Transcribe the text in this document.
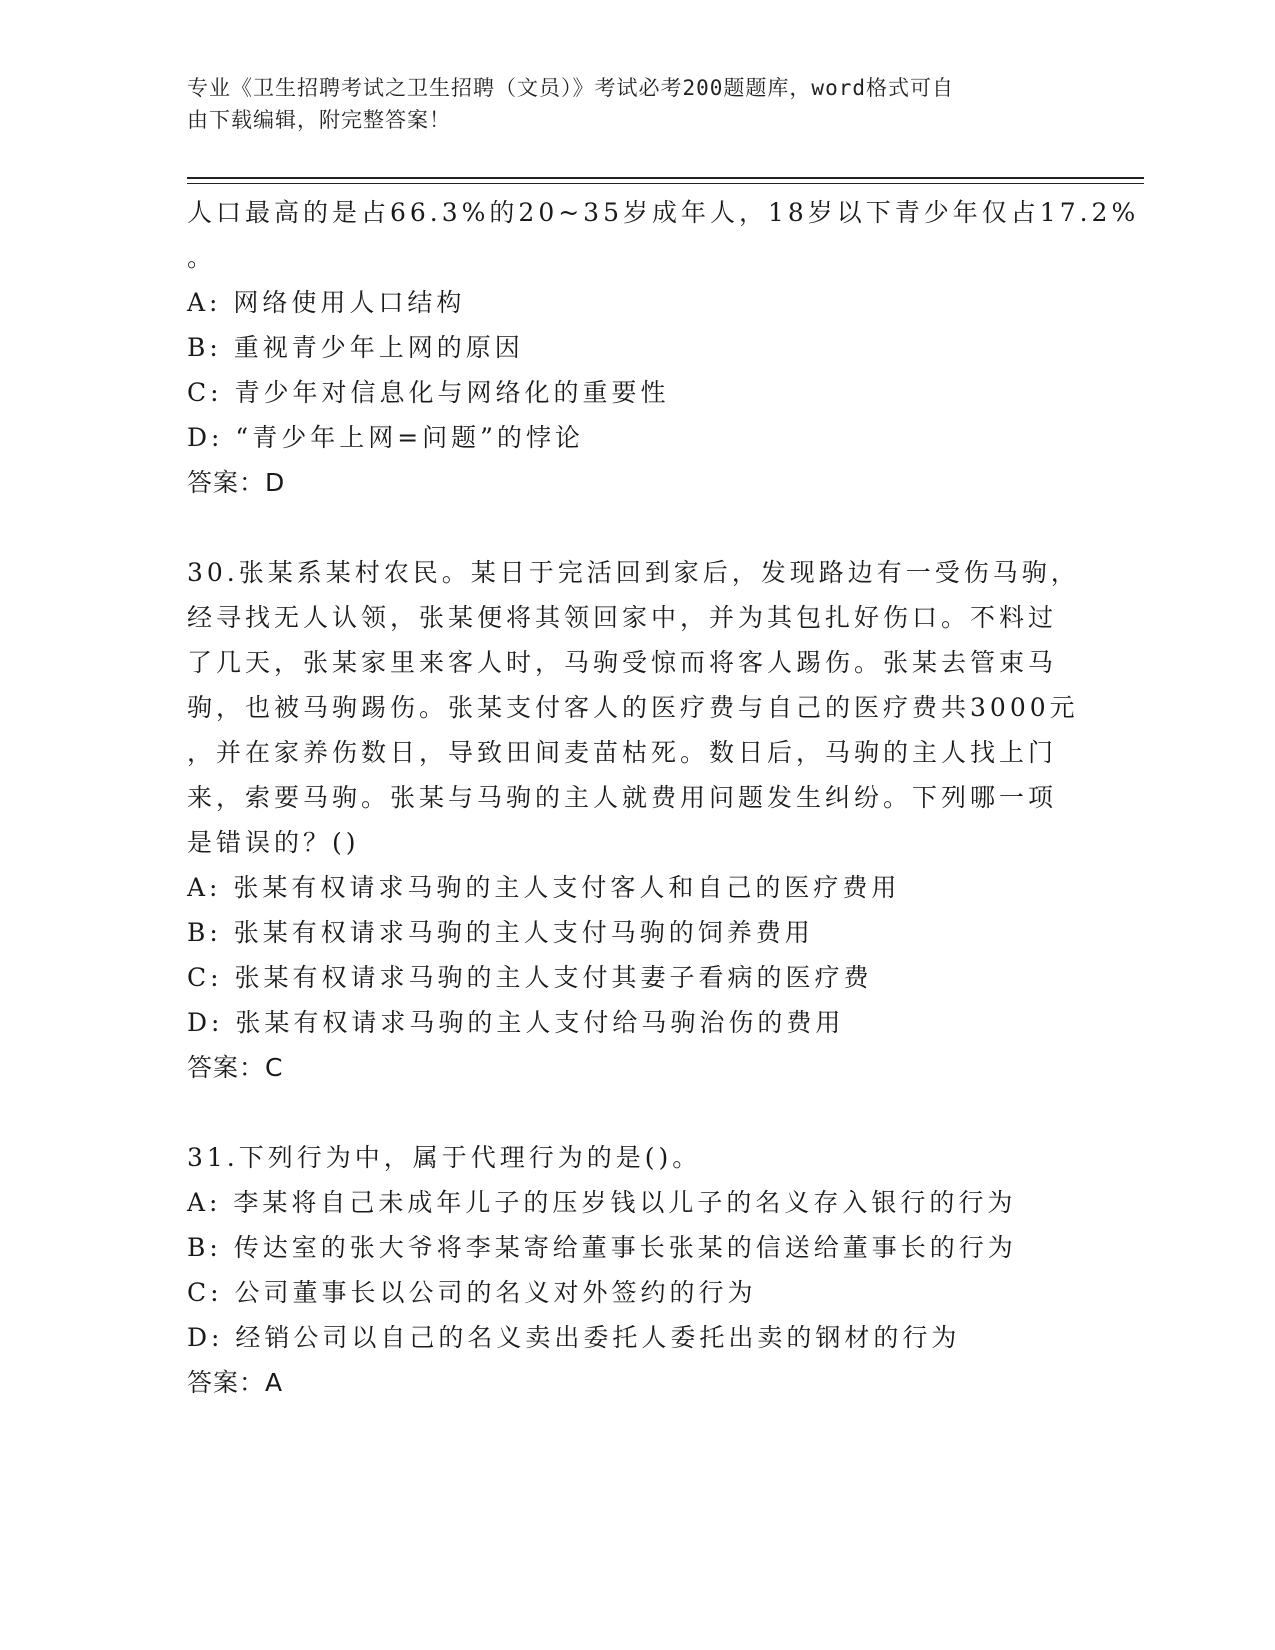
专业《卫生招聘考试之卫生招聘（文员）》考试必考200题题库，word格式可自
由下载编辑，附完整答案！
人口最高的是占66.3%的20~35岁成年人，18岁以下青少年仅占17.2%
。
A: 网络使用人口结构
B: 重视青少年上网的原因
C: 青少年对信息化与网络化的重要性
D: “青少年上网=问题”的悖论
答案：D
30.张某系某村农民。某日于完活回到家后，发现路边有一受伤马驹，
经寻找无人认领，张某便将其领回家中，并为其包扎好伤口。不料过
了几天，张某家里来客人时，马驹受惊而将客人踢伤。张某去管束马
驹，也被马驹踢伤。张某支付客人的医疗费与自己的医疗费共3000元
，并在家养伤数日，导致田间麦苗枯死。数日后，马驹的主人找上门
来，索要马驹。张某与马驹的主人就费用问题发生纠纷。下列哪一项
是错误的？()
A: 张某有权请求马驹的主人支付客人和自己的医疗费用
B: 张某有权请求马驹的主人支付马驹的饲养费用
C: 张某有权请求马驹的主人支付其妻子看病的医疗费
D: 张某有权请求马驹的主人支付给马驹治伤的费用
答案：C
31.下列行为中，属于代理行为的是()。
A: 李某将自己未成年儿子的压岁钱以儿子的名义存入银行的行为
B: 传达室的张大爷将李某寄给董事长张某的信送给董事长的行为
C: 公司董事长以公司的名义对外签约的行为
D: 经销公司以自己的名义卖出委托人委托出卖的钢材的行为
答案：A
